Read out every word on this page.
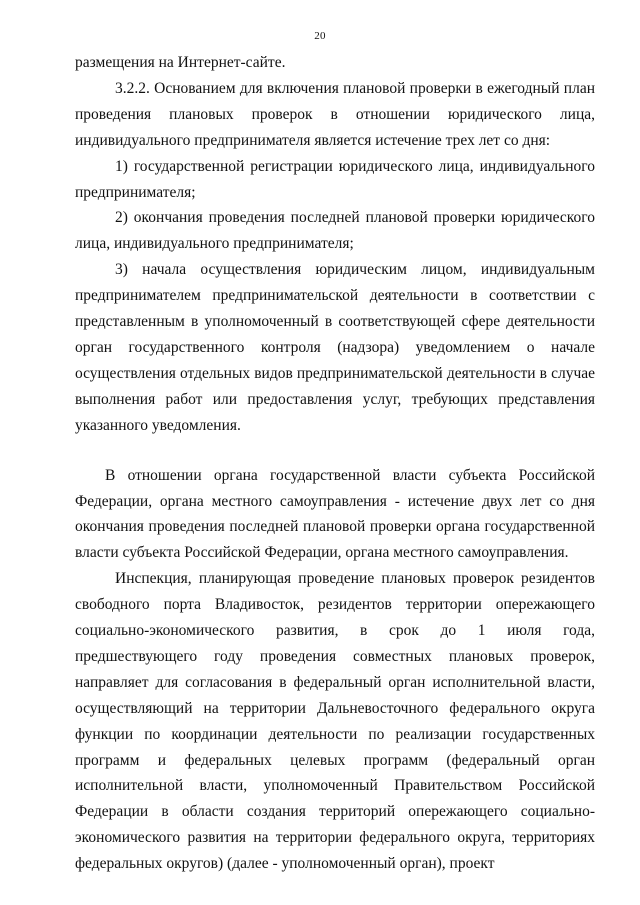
20

размещения на Интернет-сайте.

3.2.2. Основанием для включения плановой проверки в ежегодный план проведения плановых проверок в отношении юридического лица, индивидуального предпринимателя является истечение трех лет со дня:

1) государственной регистрации юридического лица, индивидуального предпринимателя;

2) окончания проведения последней плановой проверки юридического лица, индивидуального предпринимателя;

3) начала осуществления юридическим лицом, индивидуальным предпринимателем предпринимательской деятельности в соответствии с представленным в уполномоченный в соответствующей сфере деятельности орган государственного контроля (надзора) уведомлением о начале осуществления отдельных видов предпринимательской деятельности в случае выполнения работ или предоставления услуг, требующих представления указанного уведомления.

В отношении органа государственной власти субъекта Российской Федерации, органа местного самоуправления - истечение двух лет со дня окончания проведения последней плановой проверки органа государственной власти субъекта Российской Федерации, органа местного самоуправления.

Инспекция, планирующая проведение плановых проверок резидентов свободного порта Владивосток, резидентов территории опережающего социально-экономического развития, в срок до 1 июля года, предшествующего году проведения совместных плановых проверок, направляет для согласования в федеральный орган исполнительной власти, осуществляющий на территории Дальневосточного федерального округа функции по координации деятельности по реализации государственных программ и федеральных целевых программ (федеральный орган исполнительной власти, уполномоченный Правительством Российской Федерации в области создания территорий опережающего социально-экономического развития на территории федерального округа, территориях федеральных округов) (далее - уполномоченный орган), проект
